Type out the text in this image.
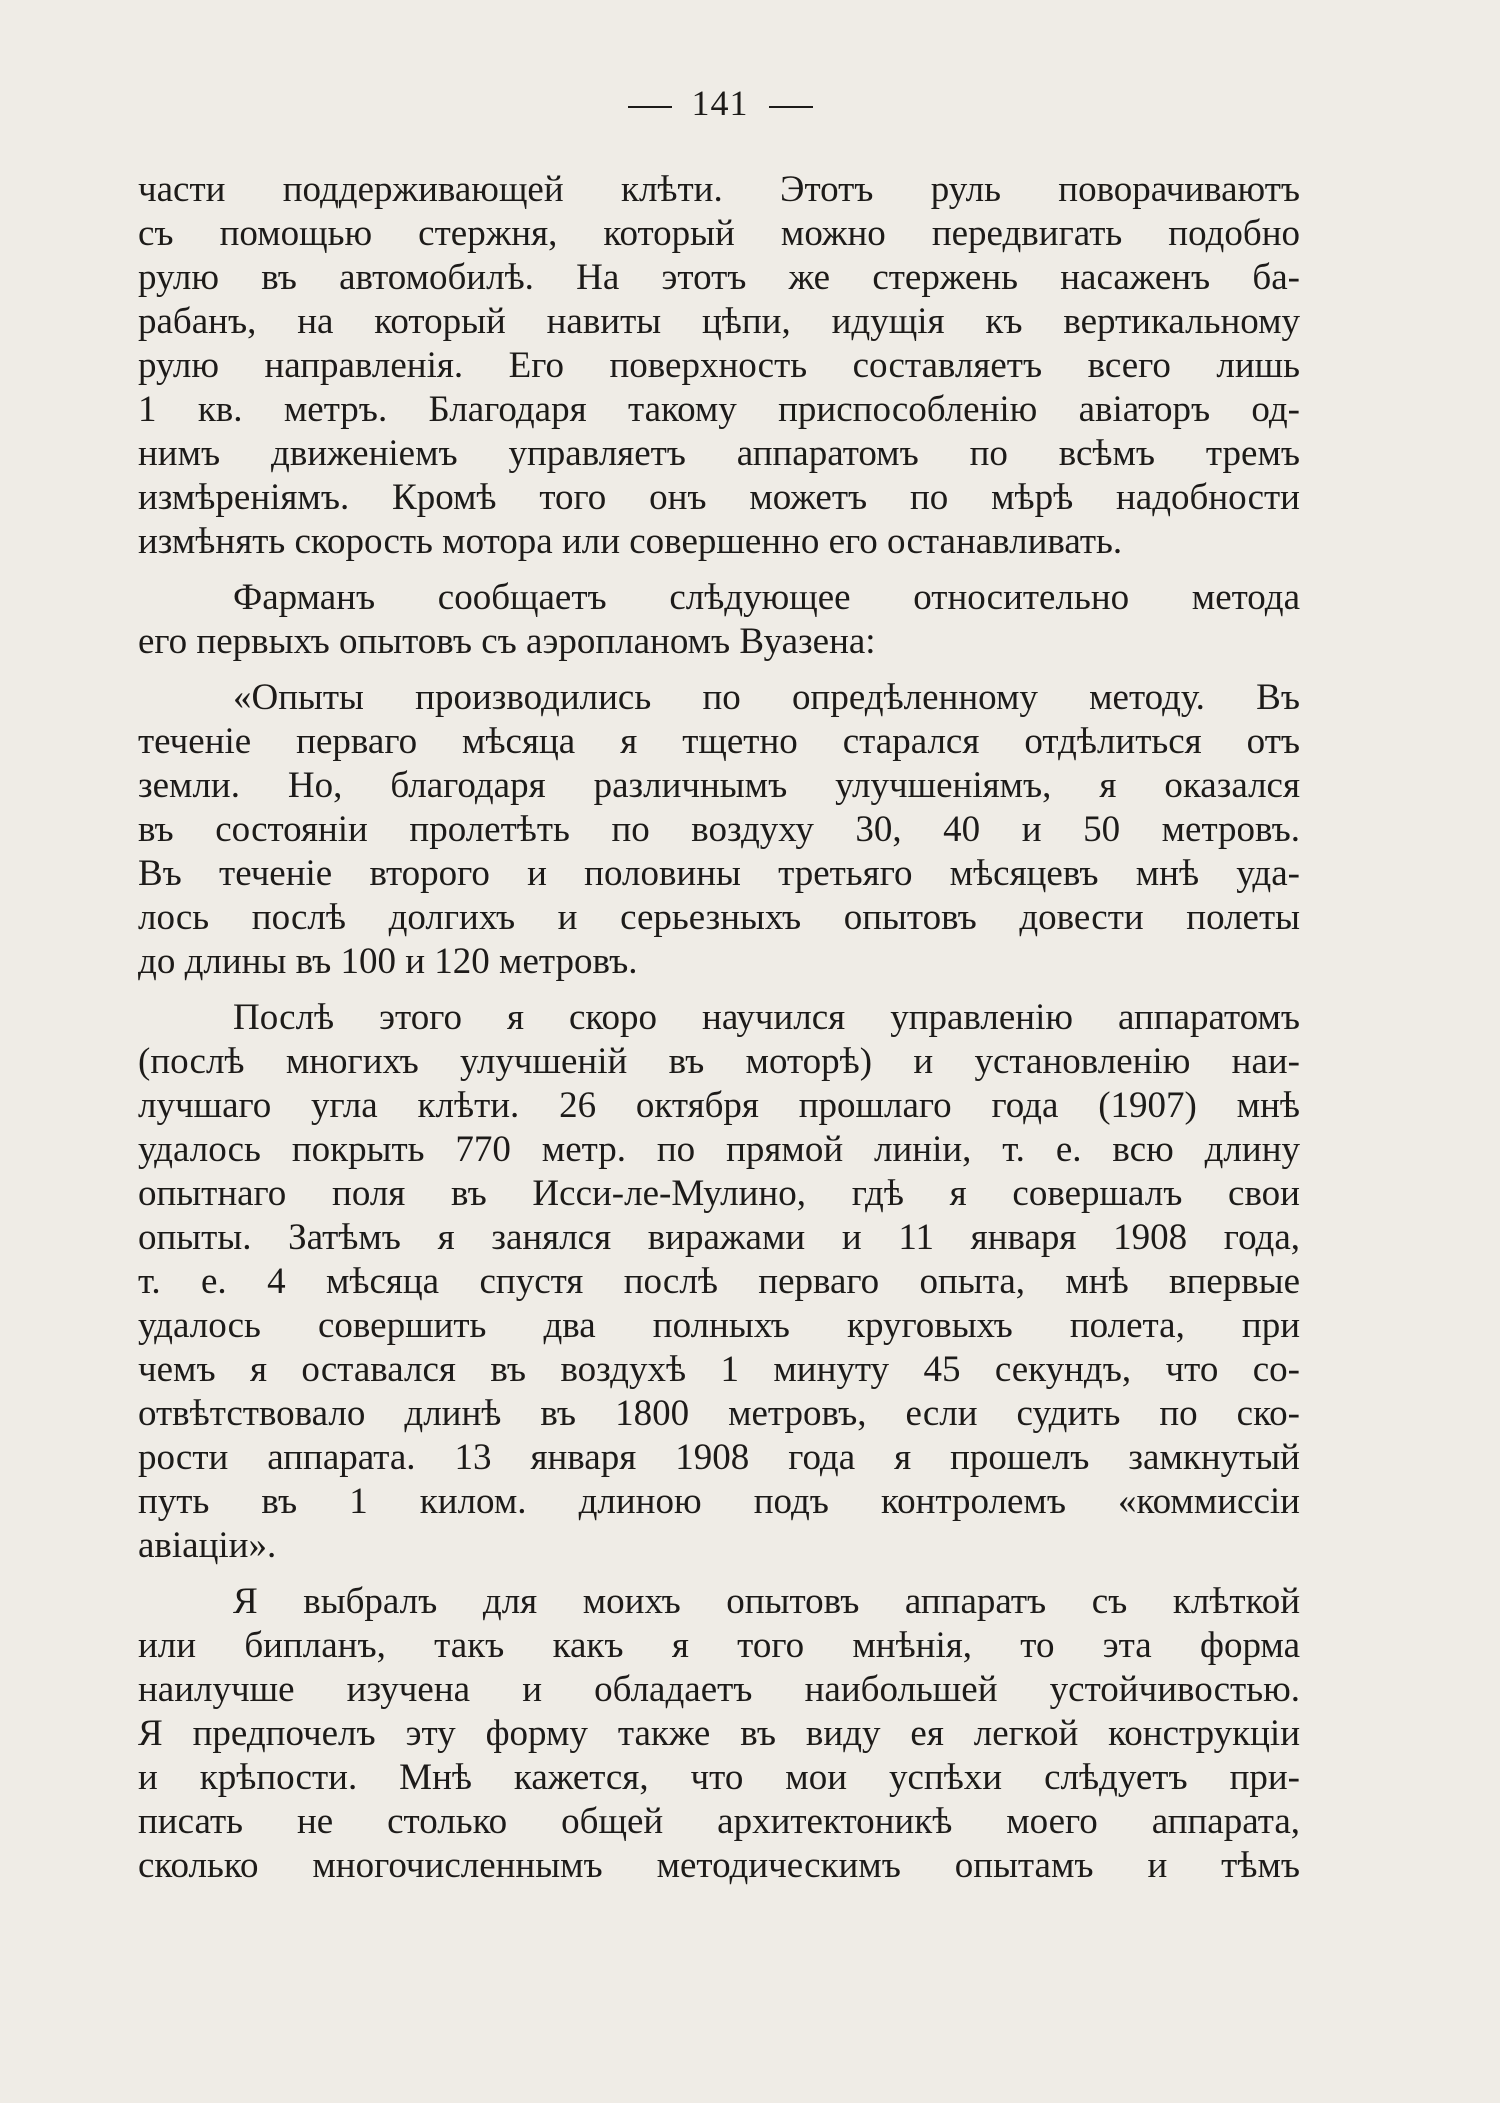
141
части поддерживающей клѣти. Этотъ руль поворачиваютъ
съ помощью стержня, который можно передвигать подобно
рулю въ автомобилѣ. На этотъ же стержень насаженъ ба-
рабанъ, на который навиты цѣпи, идущія къ вертикальному
рулю направленія. Его поверхность составляетъ всего лишь
1 кв. метръ. Благодаря такому приспособленію авіаторъ од-
нимъ движеніемъ управляетъ аппаратомъ по всѣмъ тремъ
измѣреніямъ. Кромѣ того онъ можетъ по мѣрѣ надобности
измѣнять скорость мотора или совершенно его останавливать.
Фарманъ сообщаетъ слѣдующее относительно метода
его первыхъ опытовъ съ аэропланомъ Вуазена:
«Опыты производились по опредѣленному методу. Въ
теченіе перваго мѣсяца я тщетно старался отдѣлиться отъ
земли. Но, благодаря различнымъ улучшеніямъ, я оказался
въ состояніи пролетѣть по воздуху 30, 40 и 50 метровъ.
Въ теченіе второго и половины третьяго мѣсяцевъ мнѣ уда-
лось послѣ долгихъ и серьезныхъ опытовъ довести полеты
до длины въ 100 и 120 метровъ.
Послѣ этого я скоро научился управленію аппаратомъ
(послѣ многихъ улучшеній въ моторѣ) и установленію наи-
лучшаго угла клѣти. 26 октября прошлаго года (1907) мнѣ
удалось покрыть 770 метр. по прямой линіи, т. е. всю длину
опытнаго поля въ Исси-ле-Мулино, гдѣ я совершалъ свои
опыты. Затѣмъ я занялся виражами и 11 января 1908 года,
т. е. 4 мѣсяца спустя послѣ перваго опыта, мнѣ впервые
удалось совершить два полныхъ круговыхъ полета, при
чемъ я оставался въ воздухѣ 1 минуту 45 секундъ, что со-
отвѣтствовало длинѣ въ 1800 метровъ, если судить по ско-
рости аппарата. 13 января 1908 года я прошелъ замкнутый
путь въ 1 килом. длиною подъ контролемъ «коммиссіи
авіаціи».
Я выбралъ для моихъ опытовъ аппаратъ съ клѣткой
или бипланъ, такъ какъ я того мнѣнія, то эта форма
наилучше изучена и обладаетъ наибольшей устойчивостью.
Я предпочелъ эту форму также въ виду ея легкой конструкціи
и крѣпости. Мнѣ кажется, что мои успѣхи слѣдуетъ при-
писать не столько общей архитектоникѣ моего аппарата,
сколько многочисленнымъ методическимъ опытамъ и тѣмъ
